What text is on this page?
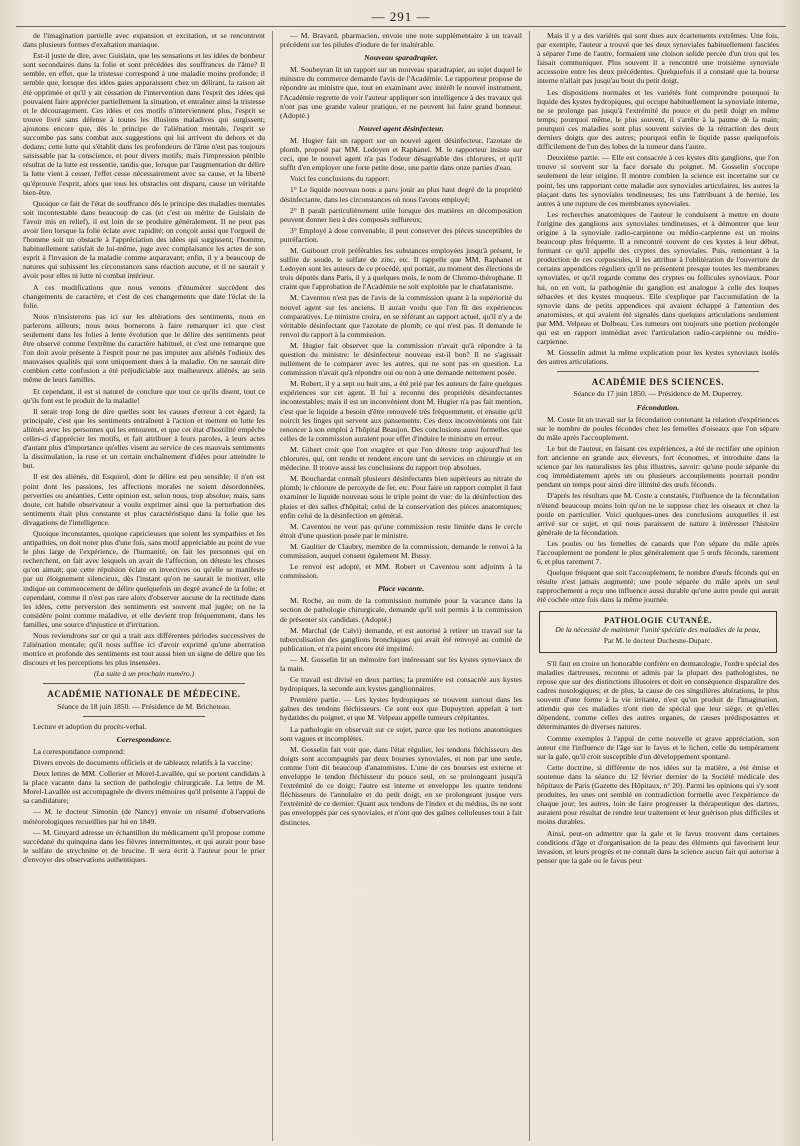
— 291 —

de l'imagination partielle avec expansion et excitation, et se rencontrent dans plusieurs formes d'exaltation maniaque.

Est-il juste de dire, avec Guislain, que les sensations et les idées de bonheur sont secondaires dans la folie et sont précédées des souffrances de l'âme? Il semble, en effet, que la tristesse correspond à une maladie moins profonde; il semble que, lorsque des idées gaies apparaissent chez un délirant, la raison ait été opprimée et qu'il y ait cessation de l'intervention dans l'esprit des idées qui pouvaient faire apprécier partiellement la situation, et entraîner ainsi la tristesse et le découragement. Ces idées et ces motifs n'interviennent plus, l'esprit se trouve livré sans défense à toutes les illusions maladives qui surgissent; ajoutons encore que, dès le principe de l'aliénation mentale, l'esprit se succombe pas sans combat aux suggestions qui lui arrivent du dehors et du dedans; cette lutte qui s'établit dans les profondeurs de l'âme n'est pas toujours saisissable par la conscience, et pour divers motifs; mais l'impression pénible résultat de la lutte est ressentie, tandis que, lorsque par l'augmentation du délire la lutte vient à cesser, l'effet cesse nécessairement avec sa cause, et la liberté qu'éprouve l'esprit, alors que tous les obstacles ont disparu, cause un véritable bien-être.

Quoique ce fait de l'état de souffrance dès le principe des maladies mentales soit incontestable dans beaucoup de cas (et c'est un mérite de Guislain de l'avoir mis en relief), il est loin de se produire généralement. Il ne peut pas avoir lieu lorsque la folie éclate avec rapidité; on conçoit aussi que l'orgueil de l'homme soit un obstacle à l'appréciation des idées qui surgissent; l'homme, habituellement satisfait de lui-même, juge avec complaisance les actes de son esprit à l'invasion de la maladie comme auparavant; enfin, il y a beaucoup de natures qui subissent les circonstances sans réaction aucune, et il ne saurait y avoir pour elles ni lutte ni combat intérieur.

A ces modifications que nous venons d'énumérer succèdent des changements de caractère, et c'est de ces changements que date l'éclat de la folie.

Nous n'insisterons pas ici sur les altérations des sentiments, nous en parlerons ailleurs; nous nous bornerons à faire remarquer ici que c'est seulement dans les folies à lente évolution que le délire des sentiments peut être observé comme l'extrême du caractère habituel, et c'est une remarque que l'on doit avoir présente à l'esprit pour ne pas imputer aux aliénés l'odieux des mauvaises qualités qui sont uniquement dues à la maladie. On ne saurait dire combien cette confusion a été préjudiciable aux malheureux aliénés, au sein même de leurs familles.

Et cependant, il est si naturel de conclure que tout ce qu'ils disent, tout ce qu'ils font est le produit de la maladie!

Il serait trop long de dire quelles sont les causes d'erreur à cet égard; la principale, c'est que les sentiments entraînent à l'action et mettent en lutte les aliénés avec les personnes qui les entourent, et que cet état d'hostilité empêche celles-ci d'apprécier les motifs, et fait attribuer à leurs paroles, à leurs actes d'autant plus d'importance qu'elles visent au service de ces mauvais sentiments la dissimulation, la ruse et un certain enchaînement d'idées pour atteindre le but.

Il est des aliénés, dit Esquirol, dont le délire est peu sensible; il n'en est point dont les passions, les affections morales ne soient désordonnées, perverties ou anéanties. Cette opinion est, selon nous, trop absolue; mais, sans doute, cet habile observateur a voulu exprimer ainsi que la perturbation des sentiments était plus constante et plus caractéristique dans la folie que les divagations de l'intelligence.

Quoique inconstantes, quoique capricieuses que soient les sympathies et les antipathies, on doit noter plus d'une fois, sans motif appréciable au point de vue le plus large de l'expérience, de l'humanité, on fait les personnes qui en recherchent, on fait avec lesquels on avait de l'affection, on déteste les choses qu'on aimait; que cette répulsion éclate en invectives ou qu'elle se manifeste par un éloignement silencieux, dès l'instant qu'on ne saurait le motiver, elle indique un commencement de délire quelquefois un degré avancé de la folie; et cependant, comme il n'est pas rare alors d'observer aucune de la rectitude dans les idées, cette perversion des sentiments est souvent mal jugée; on ne la considère point comme maladive, et elle devient trop fréquemment, dans les familles, une source d'injustice et d'irritation.

Nous reviendrons sur ce qui a trait aux différentes périodes successives de l'aliénation mentale; qu'il nous suffise ici d'avoir exprimé qu'une aberration motrice et profonde des sentiments est tout aussi bien un signe de délire que les discours et les perceptions les plus insensées.

(La suite à un prochain numéro.)
ACADÉMIE NATIONALE DE MÉDECINE.
Séance du 18 juin 1850. — Présidence de M. Bricheteau.

Lecture et adoption du procès-verbal.

Correspondance.

La correspondance comprend:

Divers envois de documents officiels et de tableaux relatifs à la vaccine;

Deux lettres de MM. Collerier et Morel-Lavallée, qui se portent candidats à la place vacante dans la section de pathologie chirurgicale. La lettre de M. Morel-Lavallée est accompagnée de divers mémoires qu'il présente à l'appui de sa candidature;

— M. le docteur Simonin (de Nancy) envoie un résumé d'observations météorologiques recueillies par lui en 1849.

— M. Gruyard adresse un échantillon du médicament qu'il propose comme succédané du quinquina dans les fièvres intermittentes, et qui aurait pour base le sulfate de strychnine et de brucine. Il sera écrit à l'auteur pour le prier d'envoyer des observations authentiques.

— M. Bravard, pharmacien, envoie une note supplémentaire à un travail précédent sur les pilules d'iodure de fer inaltérable.

Nouveau sparadrapier.

M. Soubeyran lit un rapport sur un nouveau sparadrapier, au sujet duquel le ministre du commerce demande l'avis de l'Académie. Le rapporteur propose de répondre au ministre que, tout en examinant avec intérêt le nouvel instrument, l'Académie regrette de voir l'auteur appliquer son intelligence à des travaux qui n'ont pas une grande valeur pratique, et ne peuvent lui faire grand honneur. (Adopté.)

Nouvel agent désinfecteur.

M. Hugier fait un rapport sur un nouvel agent désinfecteur, l'azotate de plomb, proposé par MM. Ledoyen et Raphanel. M. le rapporteur insiste sur ceci, que le nouvel agent n'a pas l'odeur désagréable des chlorures, et qu'il suffit d'en employer une forte petite dose, une partie dans onze parties d'eau.

Voici les conclusions du rapport:

1° Le liquide nouveau nous a paru jouir au plus haut degré de la propriété désinfectante, dans les circonstances où nous l'avons employé;

2° Il paraît particulièrement utile lorsque des matières en décomposition peuvent donner lieu à des composés sulfureux;

3° Employé à dose convenable, il peut conserver des pièces susceptibles de putréfaction.

M. Guibourt croit préférables les substances employées jusqu'à présent, le sulfite de soude, le sulfate de zinc, etc. Il rappelle que MM. Raphanel et Ledoyen sont les auteurs de ce procédé, qui portait, au moment des élections de trois députés dans Paris, il y a quelques mois, le nom de Chromo-thérophane. Il craint que l'approbation de l'Académie ne soit exploitée par le charlatanisme.

M. Caventou n'est pas de l'avis de la commission quant à la supériorité du nouvel agent sur les anciens. Il aurait voulu que l'on fît des expériences comparatives. Le ministre croira, en se référant au rapport actuel, qu'il n'y a de véritable désinfectant que l'azotate de plomb; ce qui n'est pas. Il demande le renvoi du rapport à la commission.

M. Hugier fait observer que la commission n'avait qu'à répondre à la question du ministre: le désinfecteur nouveau est-il bon? Il ne s'agissait nullement de le comparer avec les autres, qui ne sont pas en question. La commission n'avait qu'à répondre oui ou non à une demande nettement posée.

M. Robert, il y a sept ou huit ans, a été prié par les auteurs de faire quelques expériences sur cet agent. Il lui a reconnu des propriétés désinfectantes incontestables; mais il est un inconvénient dont M. Hugier n'a pas fait mention, c'est que le liquide a besoin d'être renouvelé très fréquemment, et ensuite qu'il noircit les linges qui servent aux pansements. Ces deux inconvénients ont fait renoncer à son emploi à l'hôpital Beaujon. Des conclusions aussi formelles que celles de la commission auraient pour effet d'induire le ministre en erreur.

M. Gibert croit que l'on exagère et que l'on déteste trop aujourd'hui les chlorures, qui, ont rendu et rendent encore tant de services en chirurgie et en médecine. Il trouve aussi les conclusions du rapport trop absolues.

M. Bouchardat connaît plusieurs désinfectants bien supérieurs au nitrate de plomb; le chlorure de peroxyde de fer, etc. Pour faire un rapport complet il faut examiner le liquide nouveau sous le triple point de vue: de la désinfection des plaies et des salles d'hôpital; celui de la conservation des pièces anatomiques; enfin celui de la désinfection en général.

M. Caventou ne veut pas qu'une commission reste limitée dans le cercle étroit d'une question posée par le ministre.

M. Gaultier de Claubry, membre de la commission, demande le renvoi à la commission, auquel consent également M. Bussy.

Le renvoi est adopté, et MM. Robert et Caventou sont adjoints à la commission.

Place vacante.

M. Roche, au nom de la commission nommée pour la vacance dans la section de pathologie chirurgicale, demande qu'il soit permis à la commission de présenter six candidats. (Adopté.)

M. Marchal (de Calvi) demande, et est autorisé à retirer un travail sur la tuberculisation des ganglions bronchiques qui avait été renvoyé au comité de publication, et n'a point encore été imprimé.

— M. Gosselin lit un mémoire fort intéressant sur les kystes synoviaux de la main.

Ce travail est divisé en deux parties; la première est consacrée aux kystes hydropiques, la seconde aux kystes ganglionnaires.

Première partie. — Les kystes hydropiques se trouvent surtout dans les gaînes des tendons fléchisseurs. Ce sont eux que Dupuytren appelait à tort hydatides du poignet, et que M. Velpeau appelle tumeurs crépitantes.

La pathologie en observait sur ce sujet, parce que les notions anatomiques sont vagues et incomplètes.

M. Gosselin fait voir que, dans l'état régulier, les tendons fléchisseurs des doigts sont accompagnés par deux bourses synoviales, et non par une seule, comme l'ont dit beaucoup d'anatomistes. L'une de ces bourses est externe et enveloppe le tendon fléchisseur du pouce seul, en se prolongeant jusqu'à l'extrémité de ce doigt; l'autre est interne et enveloppe les quatre tendons fléchisseurs de l'annulaire et du petit doigt, en se prolongeant jusque vers l'extrémité de ce dernier. Quant aux tendons de l'index et du médius, ils ne sont pas enveloppés par ces synoviales, et n'ont que des gaînes celluleuses tout à fait distinctes.

Mais il y a des variétés qui sont dues aux écartements extrêmes. Une fois, par exemple, l'auteur a trouvé que les deux synoviales habituellement fasciées à séparer l'une de l'autre, formaient une cloison solide percée d'un trou qui les faisait communiquer. Plus souvent il a rencontré une troisième synoviale accessoire entre les deux précédentes. Quelquefois il a constaté que la bourse interne n'allait pas jusqu'au bout du petit doigt.

Les dispositions normales et les variétés font comprendre pourquoi le liquide des kystes hydropiques, qui occupe habituellement la synoviale interne, ne se prolonge pas jusqu'à l'extrémité du pouce et du petit doigt en même temps; pourquoi même, le plus souvent, il s'arrête à la paume de la main; pourquoi ces maladies sont plus souvent suivies de la rétraction des deux derniers doigts que des autres; pourquoi enfin le liquide passe quelquefois difficilement de l'un des lobes de la tumeur dans l'autre.

Deuxième partie. — Elle est consacrée à ces kystes dits ganglions, que l'on trouve si souvent sur la face dorsale du poignet. M. Gosselin s'occupe seulement de leur origine. Il montre combien la science est incertaine sur ce point, les uns rapportant cette maladie aux synoviales articulaires, les autres la plaçant dans les synoviales tendineuses; les uns l'attribuant à de hernie, les autres à une rupture de ces membranes synoviales.

Les recherches anatomiques de l'auteur le conduisent à mettre en doute l'origine des ganglions aux synoviales tendineuses, et à démontrer que leur origine à la synoviale radio-carpienne ou médio-carpienne est un moins beaucoup plus fréquente. Il a rencontré souvent de ces kystes à leur début, formant ce qu'il appelle des cryptes des synoviales. Puis, remontant à la production de ces corpuscules, il les attribue à l'oblitération de l'ouverture de certains appendices réguliers qu'il ne présentent presque toutes les membranes synoviales, et qu'il regarde comme des cryptes ou follicules synoviaux. Pour lui, on en voit, la pathogénie du ganglion est analogue à celle des loupes sébacées et des kystes muqueux. Elle s'explique par l'accumulation de la synovie dans de petits appendices qui avaient échappé à l'attention des anatomistes, et qui avaient été signalés dans quelques articulations seulement par MM. Velpeau et Dolbeau. Ces tumeurs ont toujours une portion prolongée qui est en rapport immédiat avec l'articulation radio-carpienne ou médio-carpienne.

M. Gosselin admet la même explication pour les kystes synoviaux isolés des autres articulations.

ACADÉMIE DES SCIENCES.
Séance du 17 juin 1850. — Présidence de M. Duperrey.
Fécondation.

M. Coste lit un travail sur la fécondation contenant la relation d'expériences sur le nombre de poules fécondes chez les femelles d'oiseaux que l'on sépare du mâle après l'accouplement.

Le but de l'auteur, en faisant ces expériences, a été de rectifier une opinion fort ancienne en grande aux éleveurs, fort économes, et introduite dans la science par les naturalistes les plus illustres, savoir: qu'une poule séparée du coq immédiatement après un ou plusieurs accouplements pourrait pondre pendant un temps pour ainsi dire illimité des œufs féconds.

D'après les résultats que M. Coste a constatés, l'influence de la fécondation n'étend beaucoup moins loin qu'on ne le suppose chez les oiseaux et chez la poule en particulier. Voici quelques-unes des conclusions auxquelles il est arrivé sur ce sujet, et qui nous paraissent de nature à intéresser l'histoire générale de la fécondation.

Les poules ou les femelles de canards que l'on sépare du mâle après l'accouplement ne pondent le plus généralement que 5 œufs féconds, rarement 6, et plus rarement 7.

Quelque fréquent que soit l'accouplement, le nombre d'œufs féconds qui en résulte n'est jamais augmenté; une poule séparée du mâle après un seul rapprochement a reçu une influence aussi durable qu'une autre poule qui aurait été cochée onze fois dans la même journée.

PATHOLOGIE CUTANÉE.
De la nécessité de maintenir l'unité spéciale des maladies de la peau,
Par M. le docteur Duchesne-Duparc.

S'il faut en croire un honorable confrère en dermatologie, l'ordre spécial des maladies dartreuses, reconnu et admis par la plupart des pathologistes, ne repose que sur des distinctions illusoires et doit en conséquence disparaître des cadres nosologiques; et de plus, la cause de ces singulières altérations, le plus souvent d'une forme à la vie irritante, n'est qu'un produit de l'imagination, attendu que ces maladies n'ont rien de spécial que leur siège, et qu'elles dépendent, comme celles des autres organes, de causes prédisposantes et déterminantes de diverses natures.

Comme exemples à l'appui de cette nouvelle et grave appréciation, son auteur cite l'influence de l'âge sur le favus et le lichen, celle du tempérament sur la gale, qu'il croit susceptible d'un développement spontané.

Cette doctrine, si différente de nos idées sur la matière, a été émise et soutenue dans la séance du 12 février dernier de la Société médicale des hôpitaux de Paris (Gazette des Hôpitaux, n° 20). Parmi les opinions qui s'y sont produites, les unes ont semblé en contradiction formelle avec l'expérience de chaque jour; les autres, loin de faire progresser la thérapeutique des dartres, auraient pour résultat de rendre leur traitement et leur guérison plus difficiles et moins durables.

Ainsi, peut-on admettre que la gale et le favus trouvent dans certaines conditions d'âge et d'organisation de la peau des éléments qui favorisent leur invasion, et leurs progrès et ne connaît dans la science aucun fait qui autorise à penser que la gale ou le favus peut
